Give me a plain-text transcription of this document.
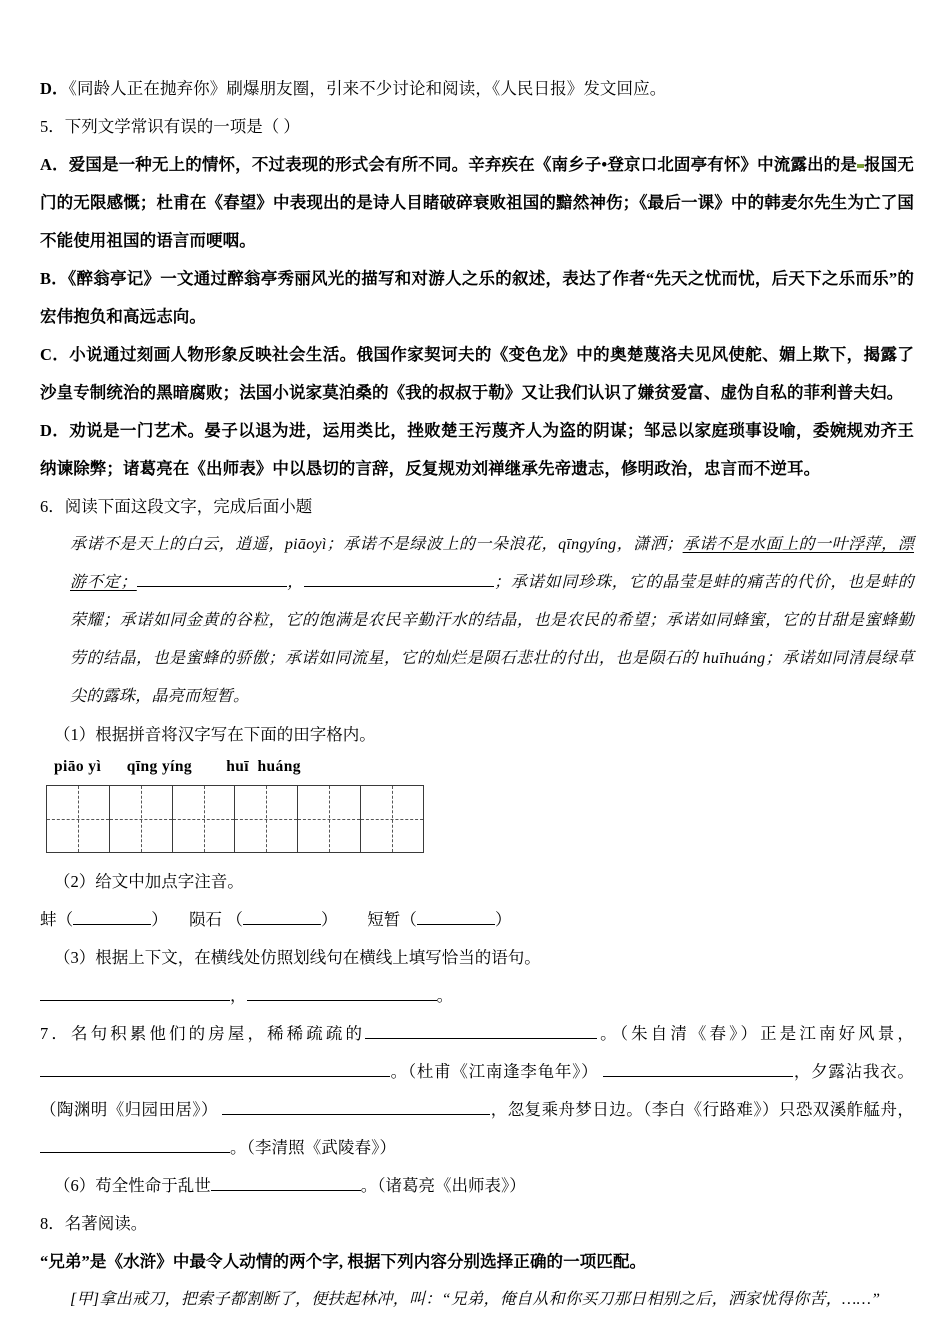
D．《同龄人正在抛弃你》刷爆朋友圈，引来不少讨论和阅读，《人民日报》发文回应。

5．下列文学常识有误的一项是（ ）

A．爱国是一种无上的情怀，不过表现的形式会有所不同。辛弃疾在《南乡子•登京口北固亭有怀》中流露出的是 报国无门的无限感慨；杜甫在《春望》中表现出的是诗人目睹破碎衰败祖国的黯然神伤；《最后一课》中的韩麦尔先生为亡了国不能使用祖国的语言而哽咽。

B．《醉翁亭记》一文通过醉翁亭秀丽风光的描写和对游人之乐的叙述，表达了作者“先天之忧而忧，后天下之乐而乐”的宏伟抱负和高远志向。

C．小说通过刻画人物形象反映社会生活。俄国作家契诃夫的《变色龙》中的奥楚蔑洛夫见风使舵、媚上欺下，揭露了沙皇专制统治的黑暗腐败；法国小说家莫泊桑的《我的叔叔于勒》又让我们认识了嫌贫爱富、虚伪自私的菲利普夫妇。

D．劝说是一门艺术。晏子以退为进，运用类比，挫败楚王污蔑齐人为盗的阴谋；邹忌以家庭琐事设喻，委婉规劝齐王纳谏除弊；诸葛亮在《出师表》中以恳切的言辞，反复规劝刘禅继承先帝遗志，修明政治，忠言而不逆耳。

6．阅读下面这段文字，完成后面小题

承诺不是天上的白云，逍遥，piāoyì；承诺不是绿波上的一朵浪花，qīngyíng，潇洒；承诺不是水面上的一叶浮萍，漂游不定；	，	；承诺如同珍珠，它的晶莹是蚌的痛苦的代价，也是蚌的荣耀；承诺如同金黄的谷粒，它的饱满是农民辛勤汗水的结晶，也是农民的希望；承诺如同蜂蜜，它的甘甜是蜜蜂勤劳的结晶，也是蜜蜂的骄傲；承诺如同流星，它的灿烂是陨石悲壮的付出，也是陨石的 huīhuáng；承诺如同清晨绿草尖的露珠，晶亮而短暂。

（1）根据拼音将汉字写在下面的田字格内。

piāo yì      qīng yíng        huī  huáng

（2）给文中加点字注音。

蚌（	） 陨石 （	） 短暂（	）

（3）根据上下文，在横线处仿照划线句在横线上填写恰当的语句。

，	。

7．名句积累他们的房屋，稀稀疏疏的	。（朱自清《春》）正是江南好风景，。（杜甫《江南逢李龟年》）	，夕露沾我衣。（陶渊明《归园田居》）	，忽复乘舟梦日边。（李白《行路难》）只恐双溪舴艋舟，。（李清照《武陵春》）

（6）苟全性命于乱世	。（诸葛亮《出师表》）

8．名著阅读。

“兄弟”是《水浒》中最令人动情的两个字, 根据下列内容分别选择正确的一项匹配。

[甲]拿出戒刀，把索子都割断了，便扶起林冲，叫：“兄弟，俺自从和你买刀那日相别之后，洒家忧得你苦，……”
